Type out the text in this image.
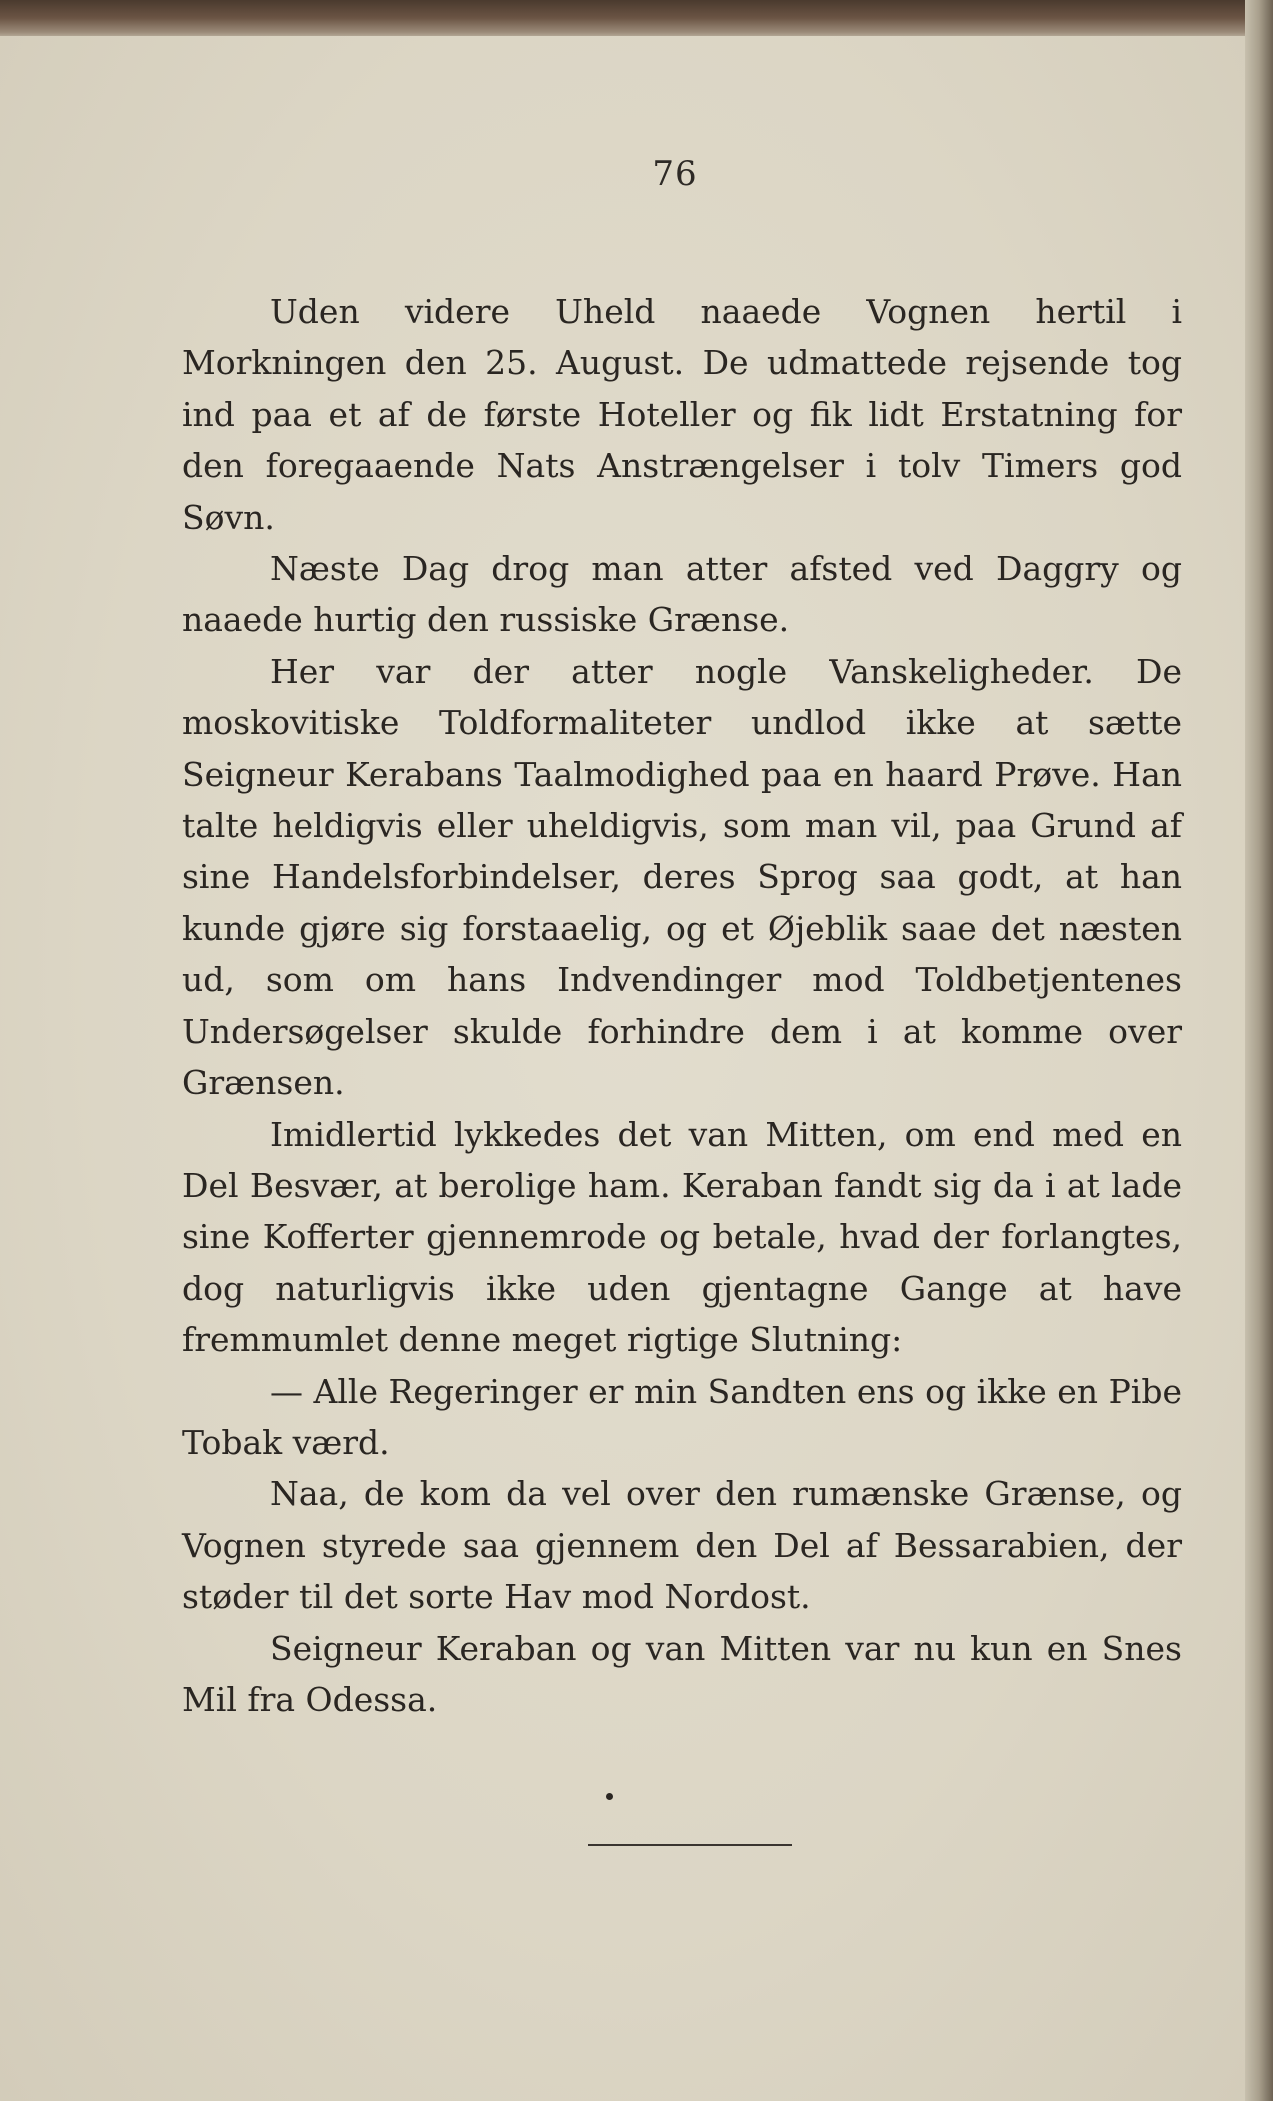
76

Uden videre Uheld naaede Vognen hertil i Morkningen den 25. August. De udmattede rejsende tog ind paa et af de første Hoteller og fik lidt Erstatning for den foregaaende Nats Anstrængelser i tolv Timers god Søvn.

Næste Dag drog man atter afsted ved Daggry og naaede hurtig den russiske Grænse.

Her var der atter nogle Vanskeligheder. De moskovitiske Toldformaliteter undlod ikke at sætte Seigneur Kerabans Taalmodighed paa en haard Prøve. Han talte heldigvis eller uheldigvis, som man vil, paa Grund af sine Handelsforbindelser, deres Sprog saa godt, at han kunde gjøre sig forstaaelig, og et Øjeblik saae det næsten ud, som om hans Indvendinger mod Toldbetjentenes Undersøgelser skulde forhindre dem i at komme over Grænsen.

Imidlertid lykkedes det van Mitten, om end med en Del Besvær, at berolige ham. Keraban fandt sig da i at lade sine Kofferter gjennemrode og betale, hvad der forlangtes, dog naturligvis ikke uden gjentagne Gange at have fremmumlet denne meget rigtige Slutning:

— Alle Regeringer er min Sandten ens og ikke en Pibe Tobak værd.

Naa, de kom da vel over den rumænske Grænse, og Vognen styrede saa gjennem den Del af Bessarabien, der støder til det sorte Hav mod Nordost.

Seigneur Keraban og van Mitten var nu kun en Snes Mil fra Odessa.
